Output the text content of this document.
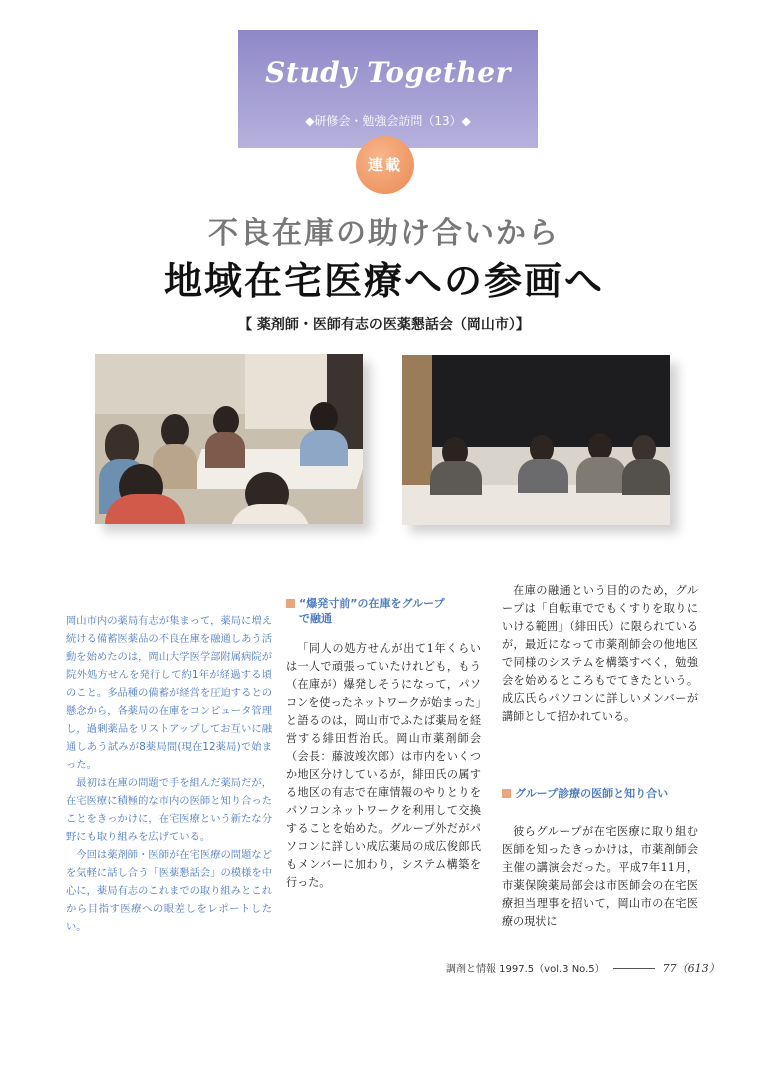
Study Together
◆研修会・勉強会訪問（13）◆
連載
不良在庫の助け合いから
地域在宅医療への参画へ
【 薬剤師・医師有志の医薬懇話会（岡山市）】

岡山市内の薬局有志が集まって，薬局に増え続ける備蓄医薬品の不良在庫を融通しあう活動を始めたのは，岡山大学医学部附属病院が院外処方せんを発行して約1年が経過する頃のこと。多品種の備蓄が経営を圧迫するとの懸念から，各薬局の在庫をコンピュータ管理し，過剰薬品をリストアップしてお互いに融通しあう試みが8薬局間(現在12薬局)で始まった。

最初は在庫の問題で手を組んだ薬局だが，在宅医療に積極的な市内の医師と知り合ったことをきっかけに，在宅医療という新たな分野にも取り組みを広げている。

今回は薬剤師・医師が在宅医療の問題などを気軽に話し合う「医薬懇話会」の模様を中心に，薬局有志のこれまでの取り組みとこれから目指す医療への眼差しをレポートしたい。

“爆発寸前”の在庫をグループ
で融通

「同人の処方せんが出て1年くらいは一人で頑張っていたけれども，もう（在庫が）爆発しそうになって，パソコンを使ったネットワークが始まった」と語るのは，岡山市でふたば薬局を経営する緋田哲治氏。岡山市薬剤師会（会長：藤波竣次郎）は市内をいくつか地区分けしているが，緋田氏の属する地区の有志で在庫情報のやりとりをパソコンネットワークを利用して交換することを始めた。グループ外だがパソコンに詳しい成広薬局の成広俊郎氏もメンバーに加わり，システム構築を行った。

在庫の融通という目的のため，グループは「自転車ででもくすりを取りにいける範囲」（緋田氏）に限られているが，最近になって市薬剤師会の他地区で同様のシステムを構築すべく，勉強会を始めるところもでてきたという。成広氏らパソコンに詳しいメンバーが講師として招かれている。

グループ診療の医師と知り合い

彼らグループが在宅医療に取り組む医師を知ったきっかけは，市薬剤師会主催の講演会だった。平成7年11月，市薬保険薬局部会は市医師会の在宅医療担当理事を招いて，岡山市の在宅医療の現状に

調剤と情報 1997.5（vol.3 No.5）	77（613）
